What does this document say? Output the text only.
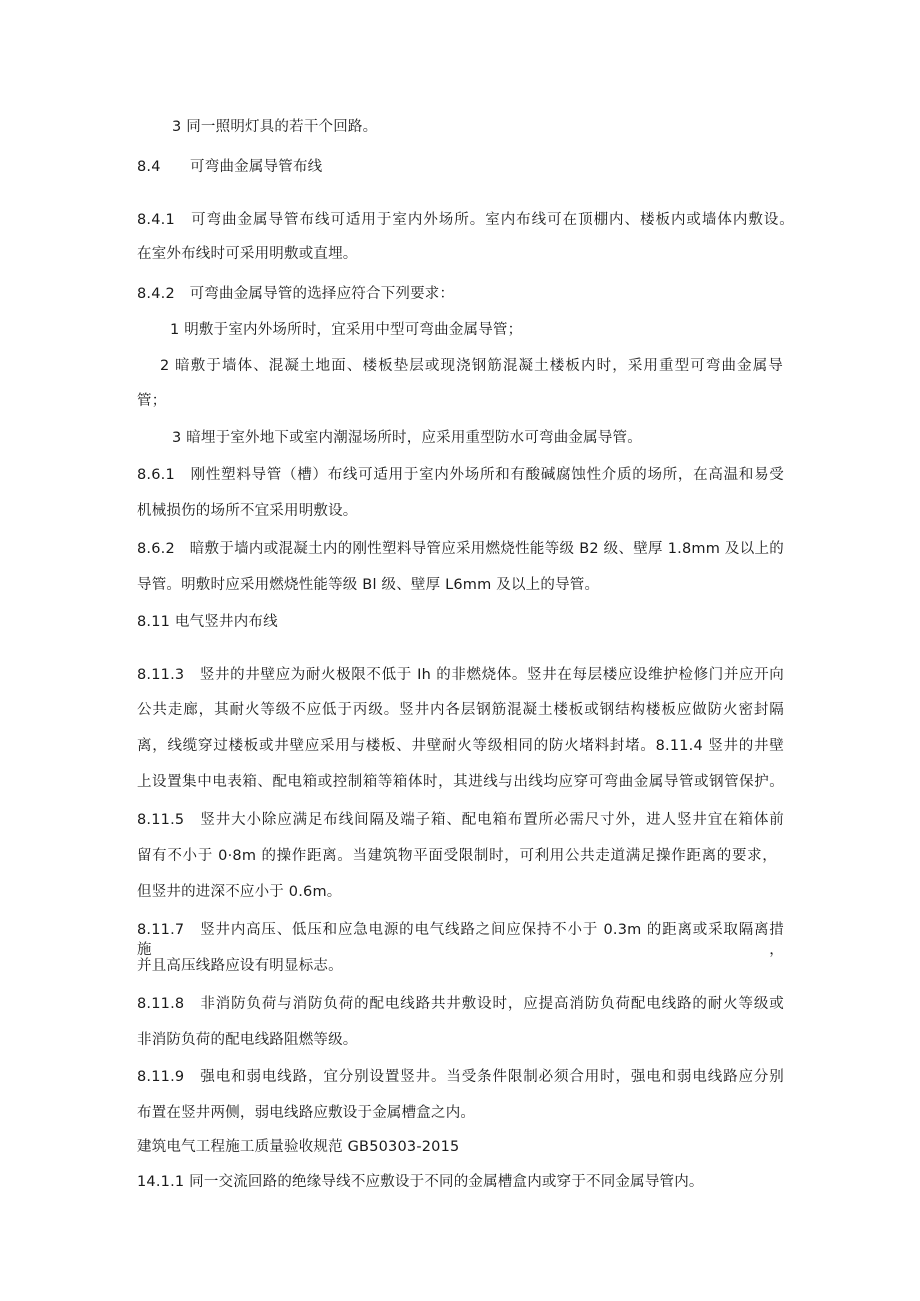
3 同一照明灯具的若干个回路。
8.4　　可弯曲金属导管布线
8.4.1　可弯曲金属导管布线可适用于室内外场所。室内布线可在顶棚内、楼板内或墙体内敷设。
在室外布线时可采用明敷或直埋。
8.4.2　可弯曲金属导管的选择应符合下列要求：
1 明敷于室内外场所时，宜采用中型可弯曲金属导管；
2 暗敷于墙体、混凝土地面、楼板垫层或现浇钢筋混凝土楼板内时，采用重型可弯曲金属导
管；
3 暗埋于室外地下或室内潮湿场所时，应采用重型防水可弯曲金属导管。
8.6.1　刚性塑料导管（槽）布线可适用于室内外场所和有酸碱腐蚀性介质的场所，在高温和易受
机械损伤的场所不宜采用明敷设。
8.6.2　暗敷于墙内或混凝土内的刚性塑料导管应采用燃烧性能等级 B2 级、壁厚 1.8mm 及以上的
导管。明敷时应采用燃烧性能等级 Bl 级、壁厚 L6mm 及以上的导管。
8.11 电气竖井内布线
8.11.3　竖井的井壁应为耐火极限不低于 Ih 的非燃烧体。竖井在每层楼应设维护检修门并应开向
公共走廊，其耐火等级不应低于丙级。竖井内各层钢筋混凝土楼板或钢结构楼板应做防火密封隔
离，线缆穿过楼板或井壁应采用与楼板、井壁耐火等级相同的防火堵料封堵。8.11.4 竖井的井壁
上设置集中电表箱、配电箱或控制箱等箱体时，其进线与出线均应穿可弯曲金属导管或钢管保护。
8.11.5　竖井大小除应满足布线间隔及端子箱、配电箱布置所必需尺寸外，进人竖井宜在箱体前
留有不小于 0·8m 的操作距离。当建筑物平面受限制时，可利用公共走道满足操作距离的要求，
但竖井的进深不应小于 0.6m。
8.11.7　竖井内高压、低压和应急电源的电气线路之间应保持不小于 0.3m 的距离或采取隔离措施，
并且高压线路应设有明显标志。
8.11.8　非消防负荷与消防负荷的配电线路共井敷设时，应提高消防负荷配电线路的耐火等级或
非消防负荷的配电线路阻燃等级。
8.11.9　强电和弱电线路，宜分别设置竖井。当受条件限制必须合用时，强电和弱电线路应分别
布置在竖井两侧，弱电线路应敷设于金属槽盒之内。
建筑电气工程施工质量验收规范 GB50303-2015
14.1.1 同一交流回路的绝缘导线不应敷设于不同的金属槽盒内或穿于不同金属导管内。
